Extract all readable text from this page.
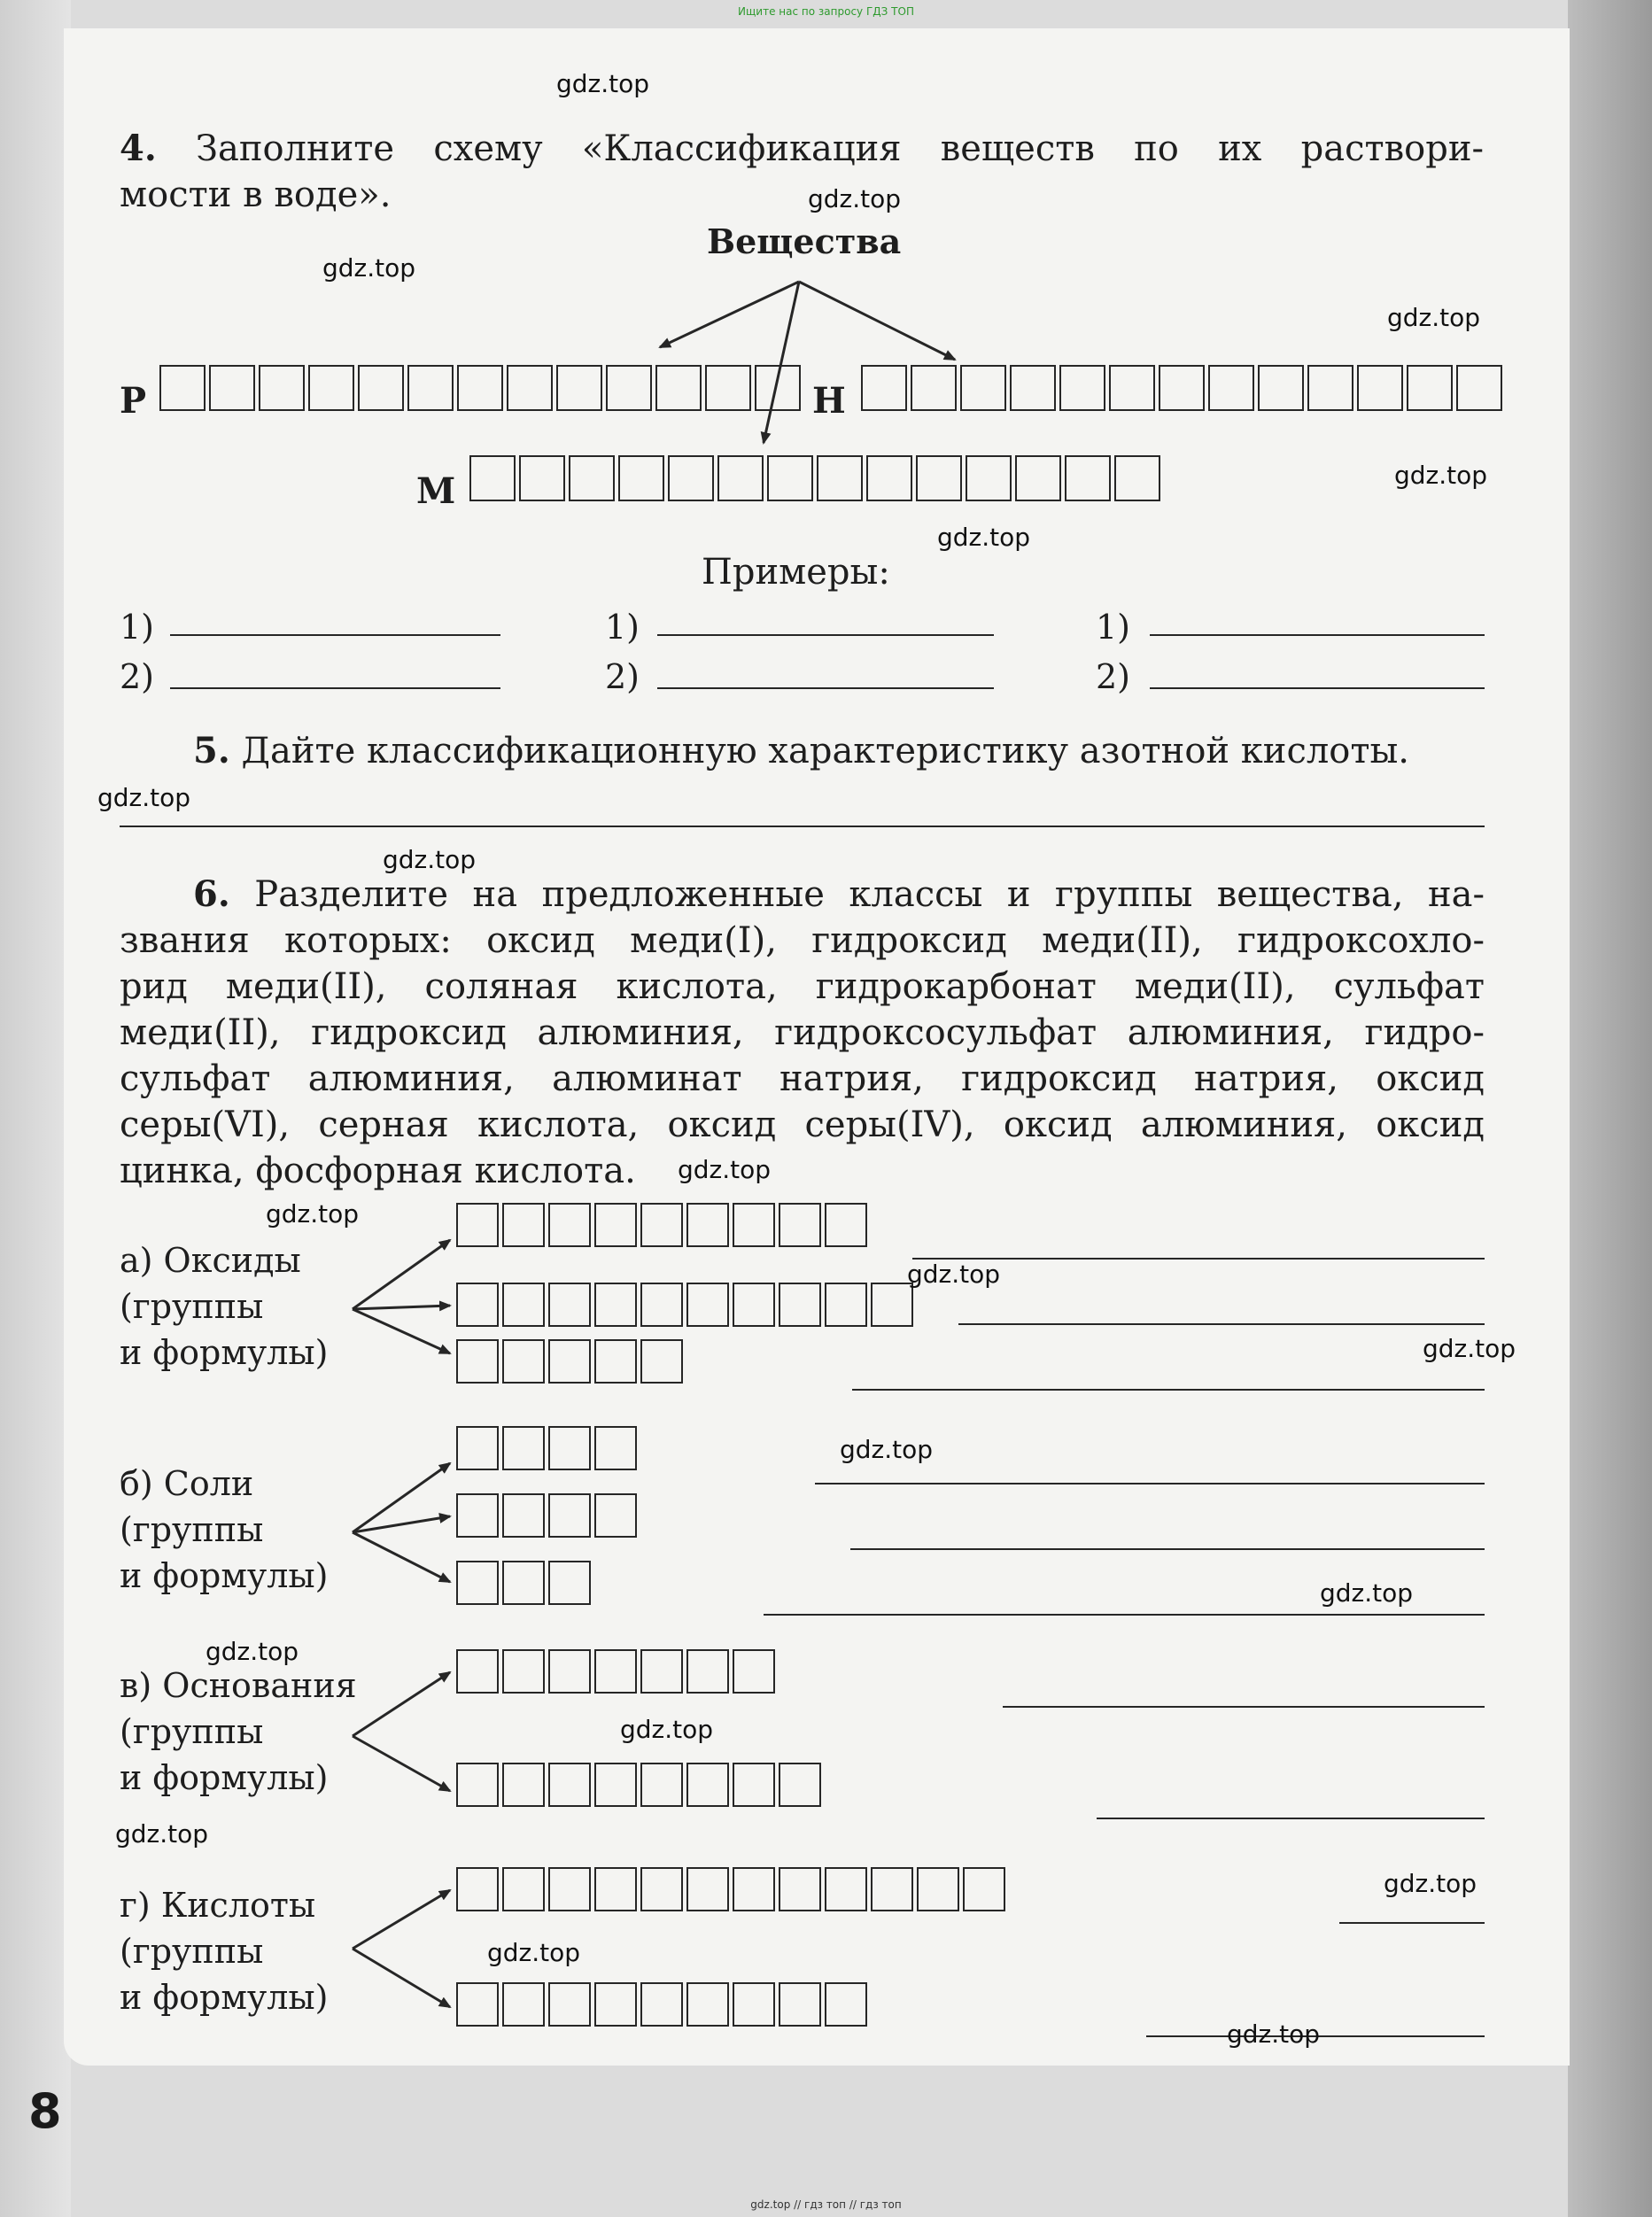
Ищите нас по запросу ГДЗ ТОП
4. Заполните схему «Классификация веществ по их раствори-
мости в воде».
Вещества
Р	Н
М
Примеры:
1)
2)
1)
2)
1)
2)
5. Дайте классификационную характеристику азотной кислоты.
6. Разделите на предложенные классы и группы вещества, на-
звания которых: оксид меди(I), гидроксид меди(II), гидроксохло-
рид меди(II), соляная кислота, гидрокарбонат меди(II), сульфат
меди(II), гидроксид алюминия, гидроксосульфат алюминия, гидро-
сульфат алюминия, алюминат натрия, гидроксид натрия, оксид
серы(VI), серная кислота, оксид серы(IV), оксид алюминия, оксид
цинка, фосфорная кислота.
а) Оксиды
(группы
и формулы)
б) Соли
(группы
и формулы)
в) Основания
(группы
и формулы)
г) Кислоты
(группы
и формулы)
gdz.top
gdz.top
gdz.top
gdz.top
gdz.top
gdz.top
gdz.top
gdz.top
gdz.top
gdz.top
gdz.top
gdz.top
gdz.top
gdz.top
gdz.top
gdz.top
gdz.top
gdz.top
gdz.top
gdz.top
8
gdz.top // гдз топ // гдз топ
